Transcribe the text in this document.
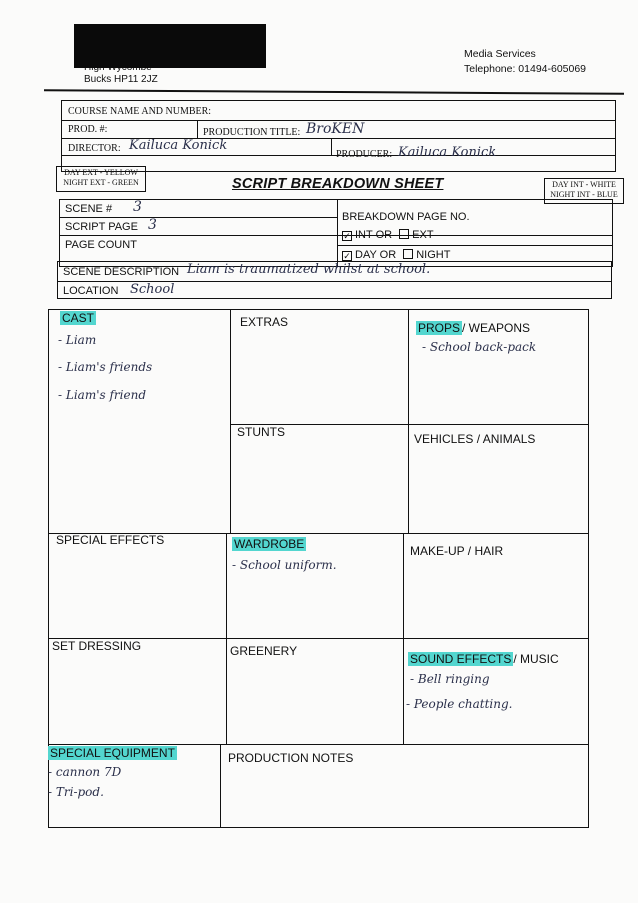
Bucks HP11 2JZ
Media Services
Telephone: 01494-605069
COURSE NAME AND NUMBER:
PROD. #:	PRODUCTION TITLE: BroKEN
DIRECTOR: Kailuca Konick
PRODUCER: Kailuca Konick
DAY EXT - YELLOW
NIGHT EXT - GREEN	SCRIPT BREAKDOWN SHEET	DAY INT - WHITE
NIGHT INT - BLUE
SCENE # 3
SCRIPT PAGE 3
PAGE COUNT
BREAKDOWN PAGE NO.
✓ INT OR EXT
✓ DAY OR NIGHT
SCENE DESCRIPTION Liam is traumatized whilst at school.
LOCATION School
CAST
- Liam
- Liam's friends
- Liam's friend
EXTRAS	PROPS / WEAPONS
- School back-pack
STUNTS	VEHICLES / ANIMALS
SPECIAL EFFECTS	WARDROBE
- School uniform.
MAKE-UP / HAIR
SET DRESSING	GREENERY
SOUND EFFECTS / MUSIC
- Bell ringing
- People chatting.
SPECIAL EQUIPMENT
- cannon 7D
- Tri-pod.
PRODUCTION NOTES
